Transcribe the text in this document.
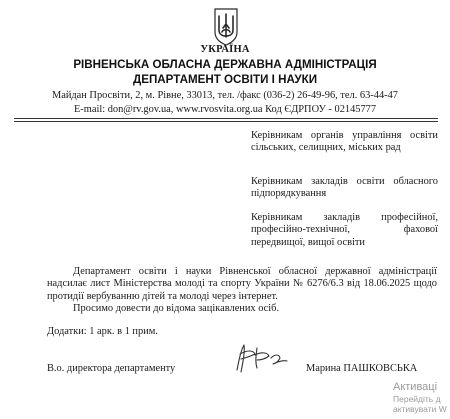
УКРАЇНА
РІВНЕНСЬКА ОБЛАСНА ДЕРЖАВНА АДМІНІСТРАЦІЯ
ДЕПАРТАМЕНТ ОСВІТИ І НАУКИ
Майдан Просвіти, 2, м. Рівне, 33013, тел. /факс (036-2) 26-49-96, тел. 63-44-47
E-mail: don@rv.gov.ua, www.rvosvita.org.ua Код ЄДРПОУ - 02145777
Керівникам органів управління освіти сільських, селищних, міських рад
Керівникам закладів освіти обласного підпорядкування
Керівникам закладів професійної, професійно-технічної, фахової передвищої, вищої освіти

Департамент освіти і науки Рівненської обласної державної адміністрації надсилає лист Міністерства молоді та спорту України № 6276/6.3 від 18.06.2025 щодо протидії вербуванню дітей та молоді через інтернет.

Просимо довести до відома зацікавлених осіб.

Додатки: 1 арк. в 1 прим.
В.о. директора департаменту	Марина ПАШКОВСЬКА
Активаці
Перейдіть д
активувати W
